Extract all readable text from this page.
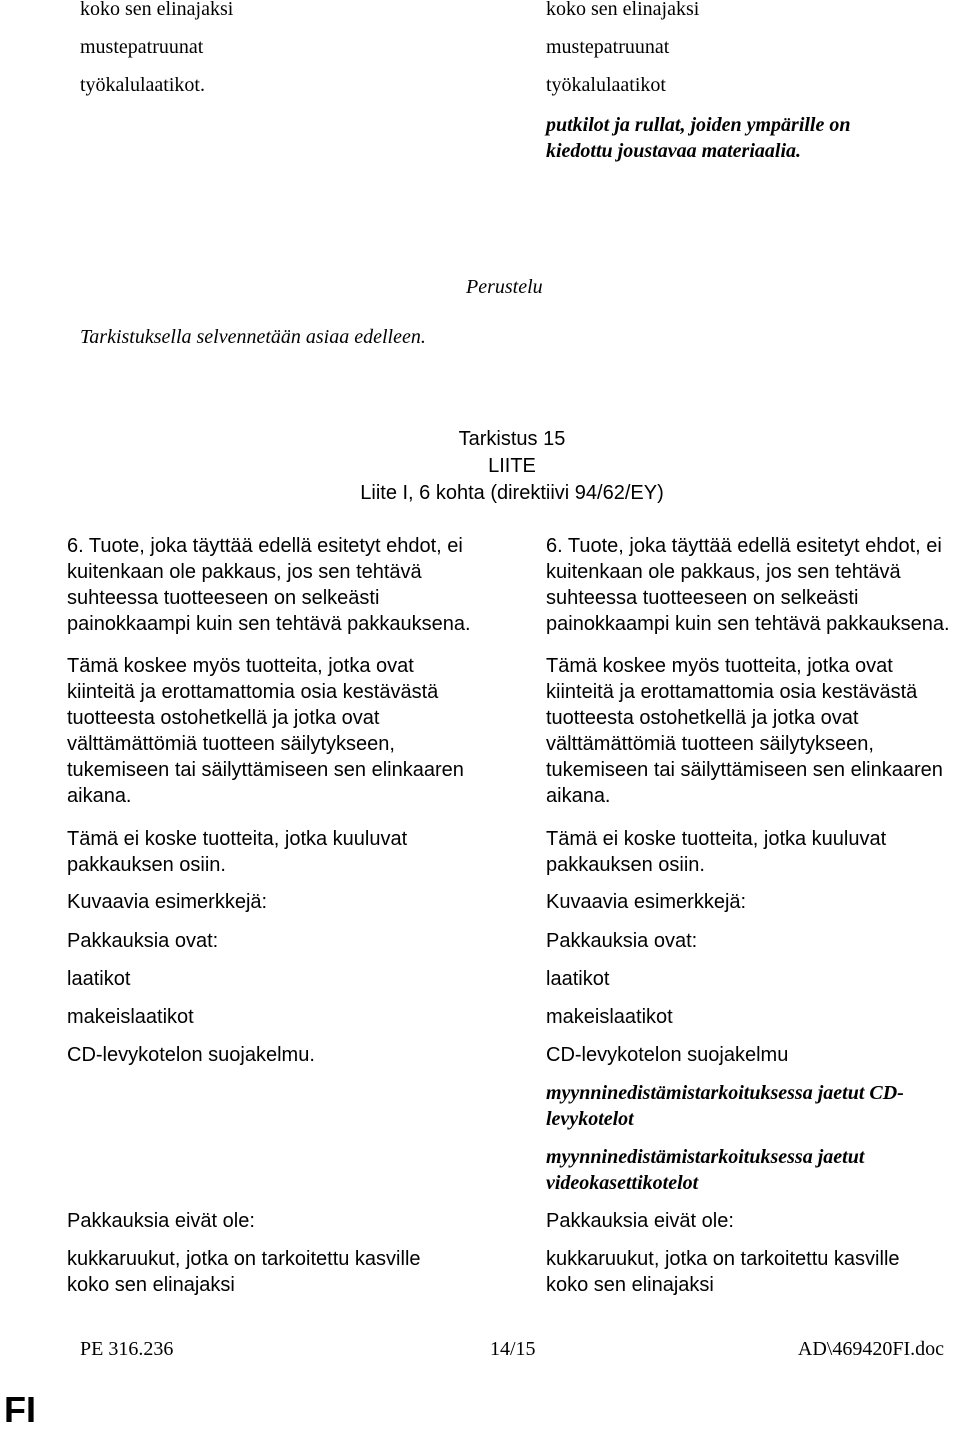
koko sen elinajaksi
mustepatruunat
työkalulaatikot.
koko sen elinajaksi
mustepatruunat
työkalulaatikot
putkilot ja rullat, joiden ympärille on
kiedottu joustavaa materiaalia.
Perustelu
Tarkistuksella selvennetään asiaa edelleen.
Tarkistus 15
LIITE
Liite I, 6 kohta (direktiivi 94/62/EY)
6. Tuote, joka täyttää edellä esitetyt ehdot, ei
kuitenkaan ole pakkaus, jos sen tehtävä
suhteessa tuotteeseen on selkeästi
painokkaampi kuin sen tehtävä pakkauksena.
Tämä koskee myös tuotteita, jotka ovat
kiinteitä ja erottamattomia osia kestävästä
tuotteesta ostohetkellä ja jotka ovat
välttämättömiä tuotteen säilytykseen,
tukemiseen tai säilyttämiseen sen elinkaaren
aikana.
Tämä ei koske tuotteita, jotka kuuluvat
pakkauksen osiin.
Kuvaavia esimerkkejä:
Pakkauksia ovat:
laatikot
makeislaatikot
CD-levykotelon suojakelmu.
Pakkauksia eivät ole:
kukkaruukut, jotka on tarkoitettu kasville
koko sen elinajaksi
6. Tuote, joka täyttää edellä esitetyt ehdot, ei
kuitenkaan ole pakkaus, jos sen tehtävä
suhteessa tuotteeseen on selkeästi
painokkaampi kuin sen tehtävä pakkauksena.
Tämä koskee myös tuotteita, jotka ovat
kiinteitä ja erottamattomia osia kestävästä
tuotteesta ostohetkellä ja jotka ovat
välttämättömiä tuotteen säilytykseen,
tukemiseen tai säilyttämiseen sen elinkaaren
aikana.
Tämä ei koske tuotteita, jotka kuuluvat
pakkauksen osiin.
Kuvaavia esimerkkejä:
Pakkauksia ovat:
laatikot
makeislaatikot
CD-levykotelon suojakelmu
myynninedistämistarkoituksessa jaetut CD-
levykotelot
myynninedistämistarkoituksessa jaetut
videokasettikotelot
Pakkauksia eivät ole:
kukkaruukut, jotka on tarkoitettu kasville
koko sen elinajaksi
PE 316.236	14/15	AD\469420FI.doc
FI
